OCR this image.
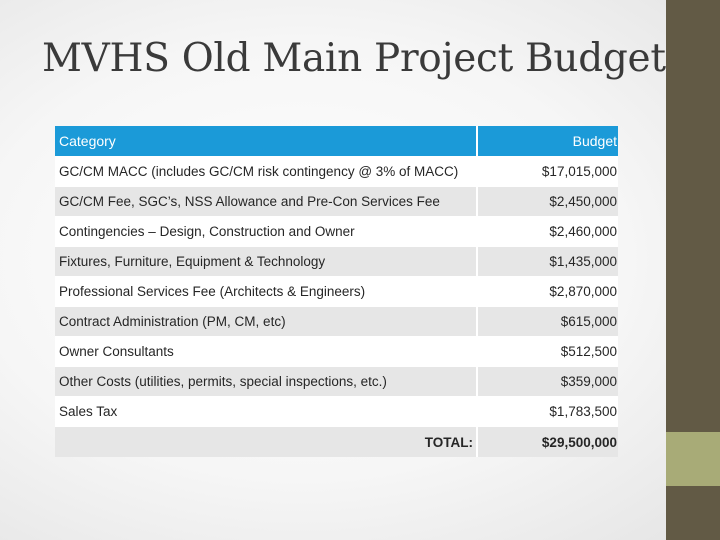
MVHS Old Main Project Budget
Category	Budget
GC/CM MACC (includes GC/CM risk contingency @ 3% of MACC)	$17,015,000
GC/CM Fee, SGC’s, NSS Allowance and Pre-Con Services Fee	$2,450,000
Contingencies – Design, Construction and Owner	$2,460,000
Fixtures, Furniture, Equipment & Technology	$1,435,000
Professional Services Fee (Architects & Engineers)	$2,870,000
Contract Administration (PM, CM, etc)	$615,000
Owner Consultants	$512,500
Other Costs (utilities, permits, special inspections, etc.)	$359,000
Sales Tax	$1,783,500
TOTAL:	$29,500,000
